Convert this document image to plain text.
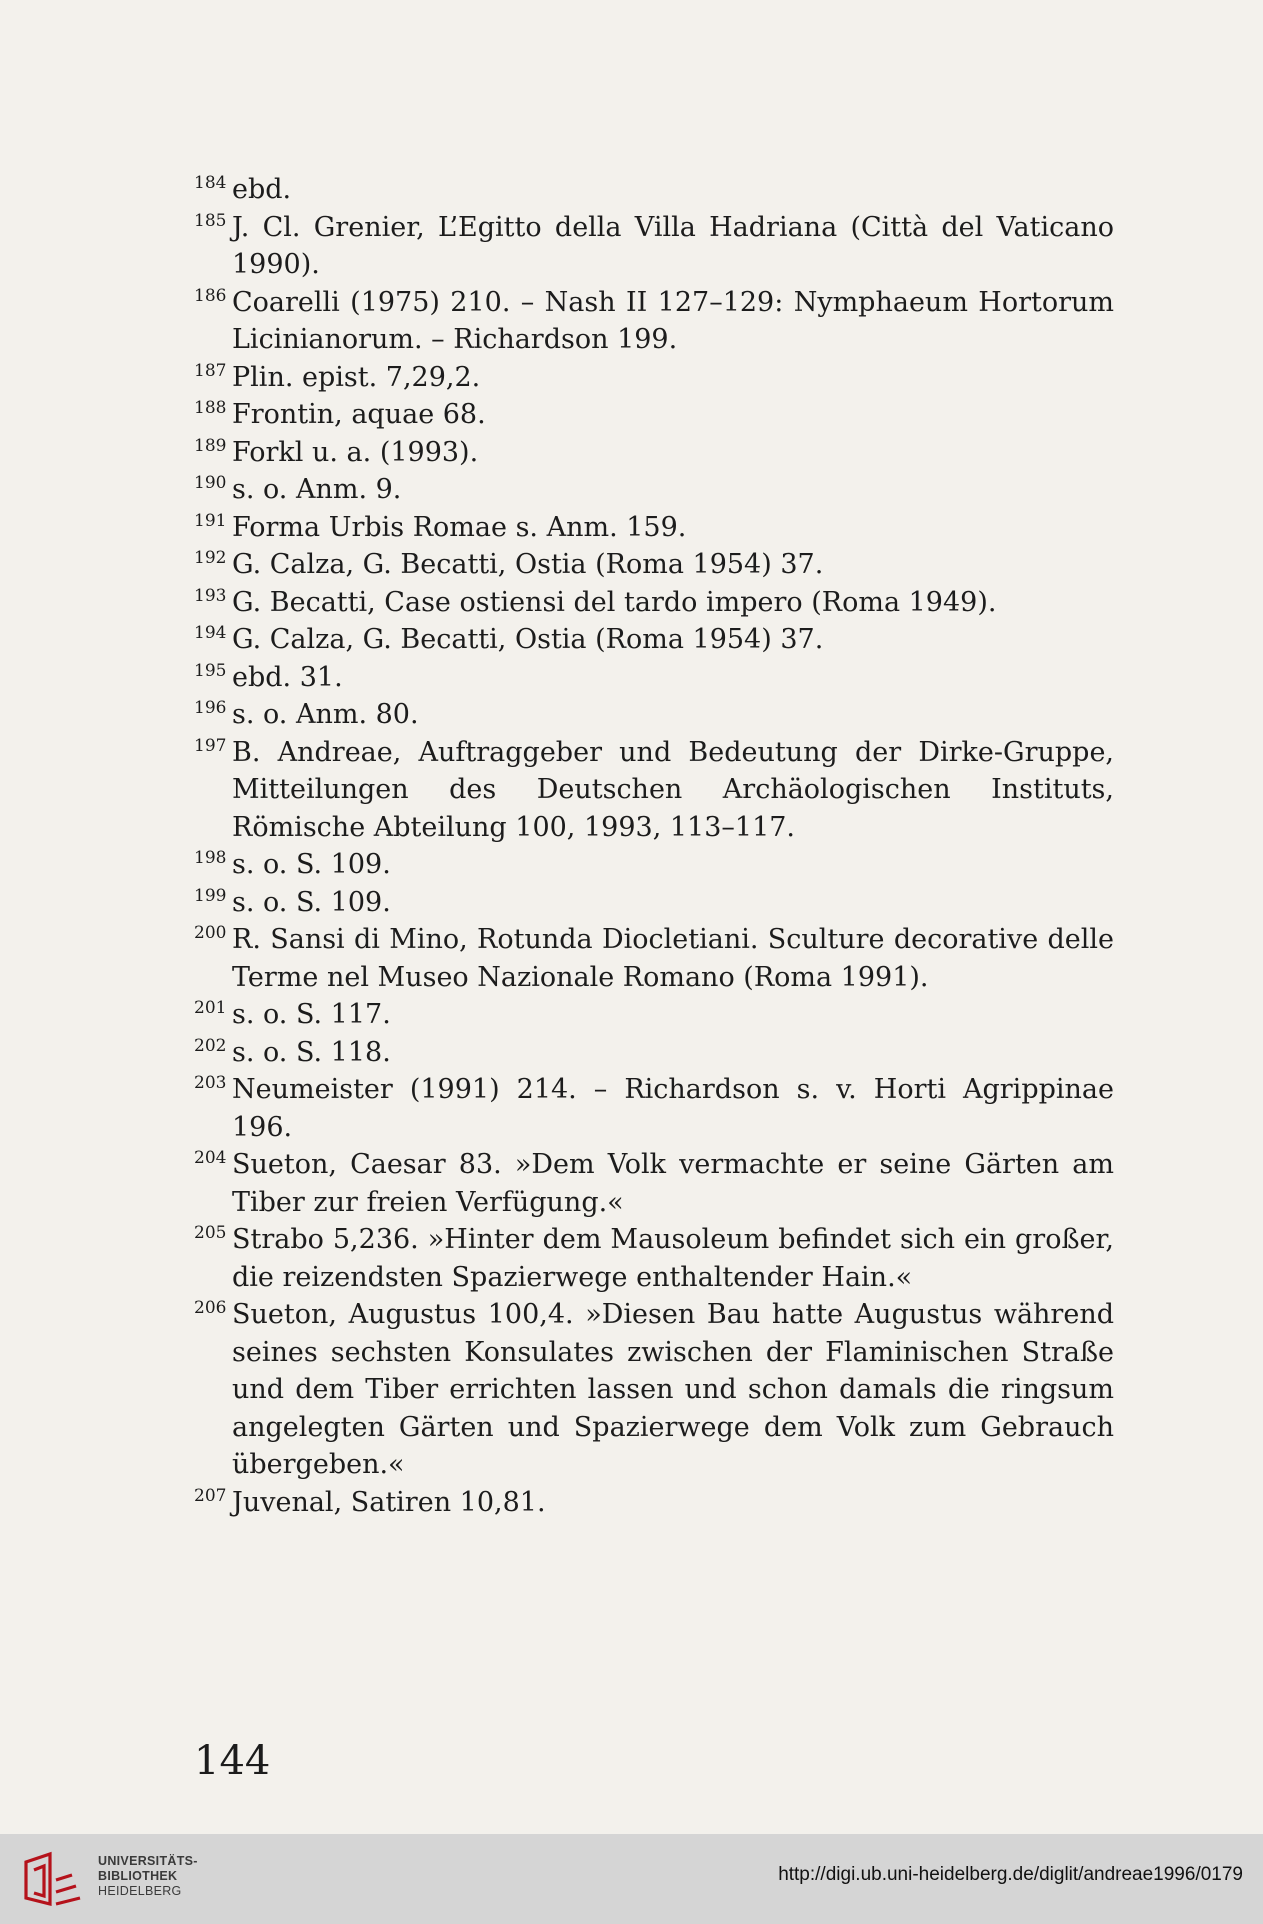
184 ebd.

185 J. Cl. Grenier, L’Egitto della Villa Hadriana (Città del Vaticano 1990).

186 Coarelli (1975) 210. – Nash II 127–129: Nymphaeum Hortorum Licinianorum. – Richardson 199.

187 Plin. epist. 7,29,2.

188 Frontin, aquae 68.

189 Forkl u. a. (1993).

190 s. o. Anm. 9.

191 Forma Urbis Romae s. Anm. 159.

192 G. Calza, G. Becatti, Ostia (Roma 1954) 37.

193 G. Becatti, Case ostiensi del tardo impero (Roma 1949).

194 G. Calza, G. Becatti, Ostia (Roma 1954) 37.

195 ebd. 31.

196 s. o. Anm. 80.

197 B. Andreae, Auftraggeber und Bedeutung der Dirke-Gruppe, Mitteilungen des Deutschen Archäologischen Instituts, Römische Abteilung 100, 1993, 113–117.

198 s. o. S. 109.

199 s. o. S. 109.

200 R. Sansi di Mino, Rotunda Diocletiani. Sculture decorative delle Terme nel Museo Nazionale Romano (Roma 1991).

201 s. o. S. 117.

202 s. o. S. 118.

203 Neumeister (1991) 214. – Richardson s. v. Horti Agrippinae 196.

204 Sueton, Caesar 83. »Dem Volk vermachte er seine Gärten am Tiber zur freien Verfügung.«

205 Strabo 5,236. »Hinter dem Mausoleum befindet sich ein großer, die reizendsten Spazierwege enthaltender Hain.«

206 Sueton, Augustus 100,4. »Diesen Bau hatte Augustus während seines sechsten Konsulates zwischen der Flaminischen Straße und dem Tiber errichten lassen und schon damals die ringsum angelegten Gärten und Spazierwege dem Volk zum Gebrauch übergeben.«

207 Juvenal, Satiren 10,81.

144
UNIVERSITÄTS-
BIBLIOTHEK
HEIDELBERG
http://digi.ub.uni-heidelberg.de/diglit/andreae1996/0179
